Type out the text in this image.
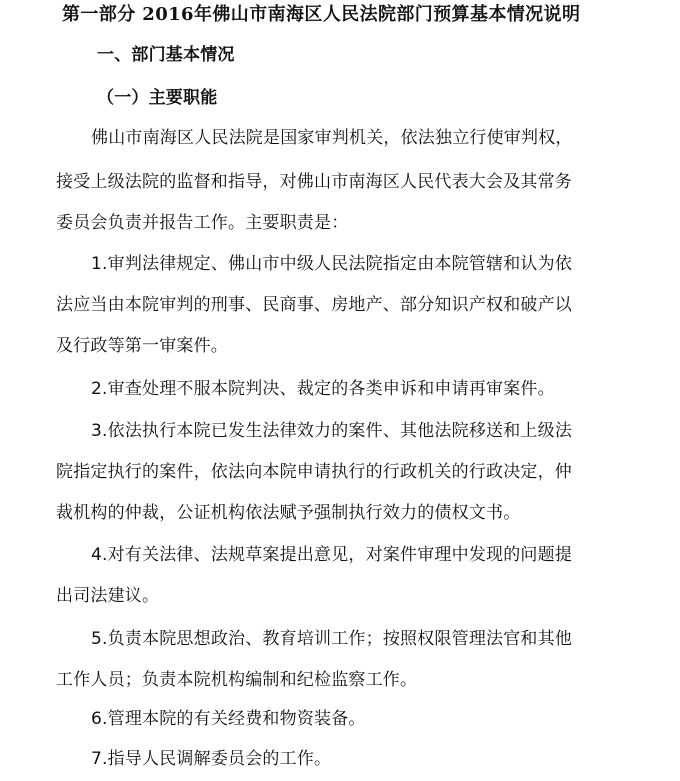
第一部分 2016年佛山市南海区人民法院部门预算基本情况说明
一、部门基本情况
（一）主要职能
佛山市南海区人民法院是国家审判机关，依法独立行使审判权，
接受上级法院的监督和指导，对佛山市南海区人民代表大会及其常务
委员会负责并报告工作。主要职责是：
1.审判法律规定、佛山市中级人民法院指定由本院管辖和认为依
法应当由本院审判的刑事、民商事、房地产、部分知识产权和破产以
及行政等第一审案件。
2.审查处理不服本院判决、裁定的各类申诉和申请再审案件。
3.依法执行本院已发生法律效力的案件、其他法院移送和上级法
院指定执行的案件，依法向本院申请执行的行政机关的行政决定，仲
裁机构的仲裁，公证机构依法赋予强制执行效力的债权文书。
4.对有关法律、法规草案提出意见，对案件审理中发现的问题提
出司法建议。
5.负责本院思想政治、教育培训工作；按照权限管理法官和其他
工作人员；负责本院机构编制和纪检监察工作。
6.管理本院的有关经费和物资装备。
7.指导人民调解委员会的工作。
